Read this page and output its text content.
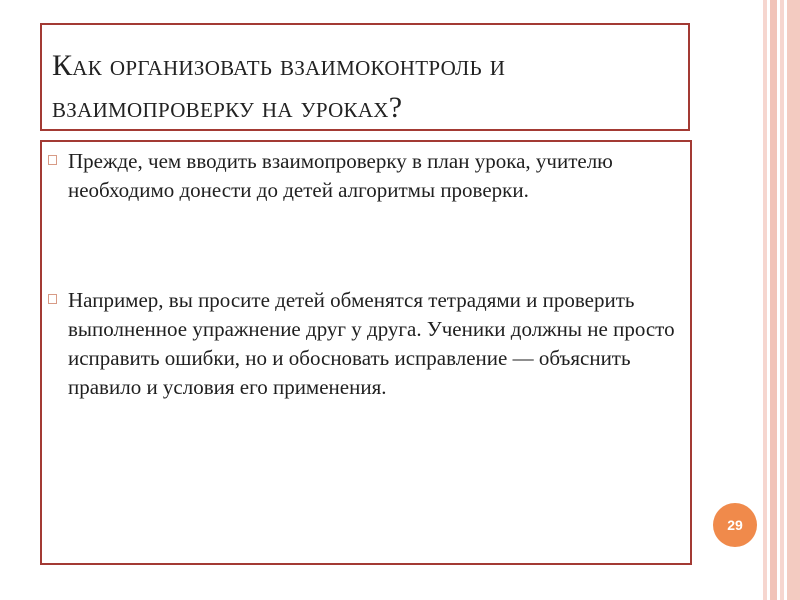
Как организовать взаимоконтроль и взаимопроверку на уроках?
Прежде, чем вводить взаимопроверку в план урока, учителю необходимо донести до детей алгоритмы проверки.
Например, вы просите детей обменятся тетрадями и проверить выполненное упражнение друг у друга. Ученики должны не просто исправить ошибки, но и обосновать исправление — объяснить правило и условия его применения.
29
